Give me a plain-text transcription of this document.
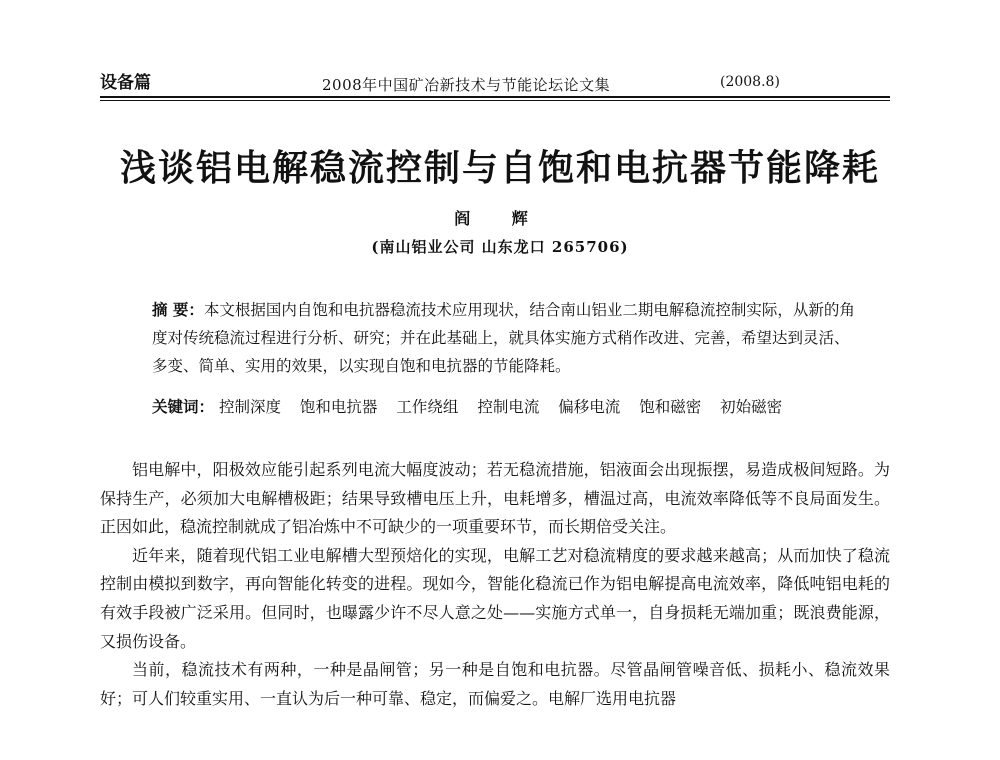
设备篇	2008年中国矿冶新技术与节能论坛论文集	(2008.8)
浅谈铝电解稳流控制与自饱和电抗器节能降耗
阎 辉
(南山铝业公司 山东龙口 265706)

摘 要：本文根据国内自饱和电抗器稳流技术应用现状，结合南山铝业二期电解稳流控制实际，从新的角度对传统稳流过程进行分析、研究；并在此基础上，就具体实施方式稍作改进、完善，希望达到灵活、多变、简单、实用的效果，以实现自饱和电抗器的节能降耗。

关键词： 控制深度 饱和电抗器 工作绕组 控制电流 偏移电流 饱和磁密 初始磁密

铝电解中，阳极效应能引起系列电流大幅度波动；若无稳流措施，铝液面会出现振摆，易造成极间短路。为保持生产，必须加大电解槽极距；结果导致槽电压上升，电耗增多，槽温过高，电流效率降低等不良局面发生。正因如此，稳流控制就成了铝冶炼中不可缺少的一项重要环节，而长期倍受关注。

近年来，随着现代铝工业电解槽大型预焙化的实现，电解工艺对稳流精度的要求越来越高；从而加快了稳流控制由模拟到数字，再向智能化转变的进程。现如今，智能化稳流已作为铝电解提高电流效率，降低吨铝电耗的有效手段被广泛采用。但同时，也曝露少许不尽人意之处——实施方式单一，自身损耗无端加重；既浪费能源，又损伤设备。

当前，稳流技术有两种，一种是晶闸管；另一种是自饱和电抗器。尽管晶闸管噪音低、损耗小、稳流效果好；可人们较重实用、一直认为后一种可靠、稳定，而偏爱之。电解厂选用电抗器
